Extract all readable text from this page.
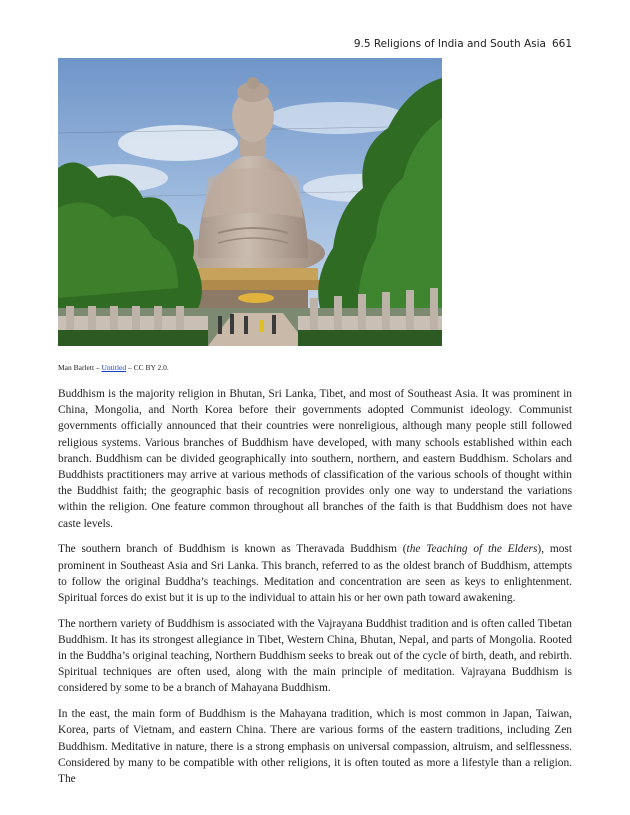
9.5 Religions of India and South Asia 661
Man Barlett – Untitled – CC BY 2.0.

Buddhism is the majority religion in Bhutan, Sri Lanka, Tibet, and most of Southeast Asia. It was prominent in China, Mongolia, and North Korea before their governments adopted Communist ideology. Communist governments officially announced that their countries were nonreligious, although many people still followed religious systems. Various branches of Buddhism have developed, with many schools established within each branch. Buddhism can be divided geographically into southern, northern, and eastern Buddhism. Scholars and Buddhists practitioners may arrive at various methods of classification of the various schools of thought within the Buddhist faith; the geographic basis of recognition provides only one way to understand the variations within the religion. One feature common throughout all branches of the faith is that Buddhism does not have caste levels.

The southern branch of Buddhism is known as Theravada Buddhism (the Teaching of the Elders), most prominent in Southeast Asia and Sri Lanka. This branch, referred to as the oldest branch of Buddhism, attempts to follow the original Buddha’s teachings. Meditation and concentration are seen as keys to enlightenment. Spiritual forces do exist but it is up to the individual to attain his or her own path toward awakening.

The northern variety of Buddhism is associated with the Vajrayana Buddhist tradition and is often called Tibetan Buddhism. It has its strongest allegiance in Tibet, Western China, Bhutan, Nepal, and parts of Mongolia. Rooted in the Buddha’s original teaching, Northern Buddhism seeks to break out of the cycle of birth, death, and rebirth. Spiritual techniques are often used, along with the main principle of meditation. Vajrayana Buddhism is considered by some to be a branch of Mahayana Buddhism.

In the east, the main form of Buddhism is the Mahayana tradition, which is most common in Japan, Taiwan, Korea, parts of Vietnam, and eastern China. There are various forms of the eastern traditions, including Zen Buddhism. Meditative in nature, there is a strong emphasis on universal compassion, altruism, and selflessness. Considered by many to be compatible with other religions, it is often touted as more a lifestyle than a religion. The
